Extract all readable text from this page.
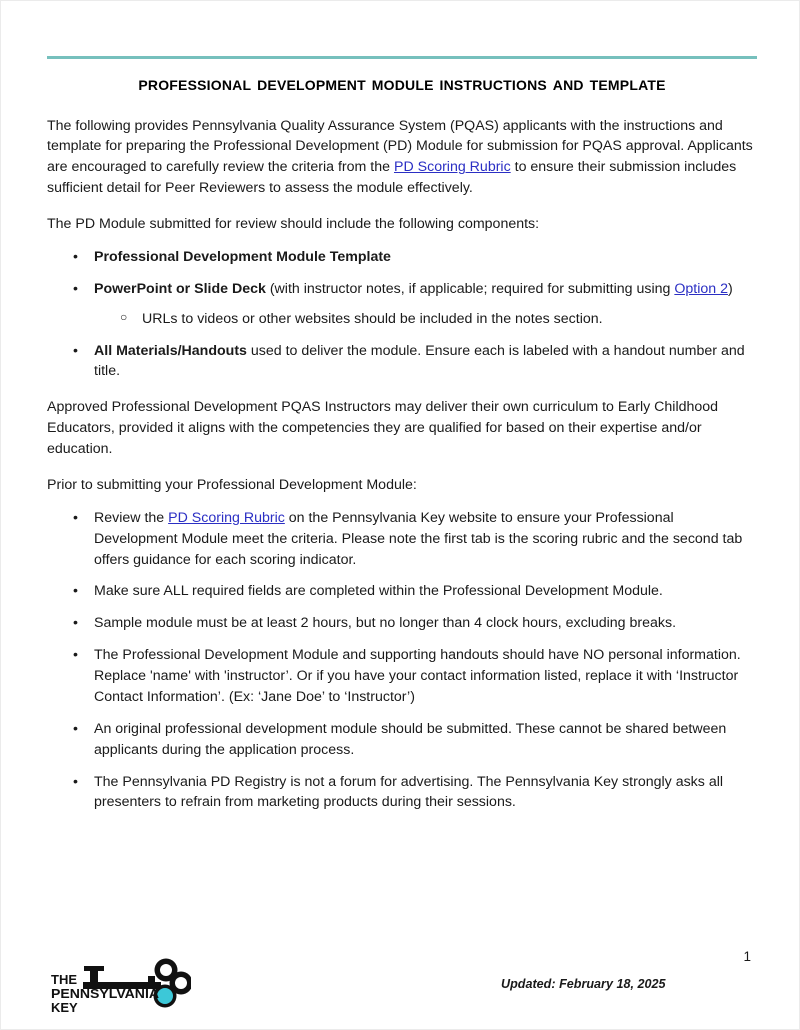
professional development module instructions and template

The following provides Pennsylvania Quality Assurance System (PQAS) applicants with the instructions and template for preparing the Professional Development (PD) Module for submission for PQAS approval. Applicants are encouraged to carefully review the criteria from the PD Scoring Rubric to ensure their submission includes sufficient detail for Peer Reviewers to assess the module effectively.

The PD Module submitted for review should include the following components:

• Professional Development Module Template
• PowerPoint or Slide Deck (with instructor notes, if applicable; required for submitting using Option 2)
○ URLs to videos or other websites should be included in the notes section.
• All Materials/Handouts used to deliver the module. Ensure each is labeled with a handout number and title.

Approved Professional Development PQAS Instructors may deliver their own curriculum to Early Childhood Educators, provided it aligns with the competencies they are qualified for based on their expertise and/or education.

Prior to submitting your Professional Development Module:

• Review the PD Scoring Rubric on the Pennsylvania Key website to ensure your Professional Development Module meet the criteria. Please note the first tab is the scoring rubric and the second tab offers guidance for each scoring indicator.
• Make sure ALL required fields are completed within the Professional Development Module.
• Sample module must be at least 2 hours, but no longer than 4 clock hours, excluding breaks.
• The Professional Development Module and supporting handouts should have NO personal information. Replace 'name' with 'instructor’. Or if you have your contact information listed, replace it with ‘Instructor Contact Information’. (Ex: ‘Jane Doe’ to ‘Instructor’)
• An original professional development module should be submitted. These cannot be shared between applicants during the application process.
• The Pennsylvania PD Registry is not a forum for advertising. The Pennsylvania Key strongly asks all presenters to refrain from marketing products during their sessions.
1
Updated: February 18, 2025
THE
PENNSYLVANIA
KEY
